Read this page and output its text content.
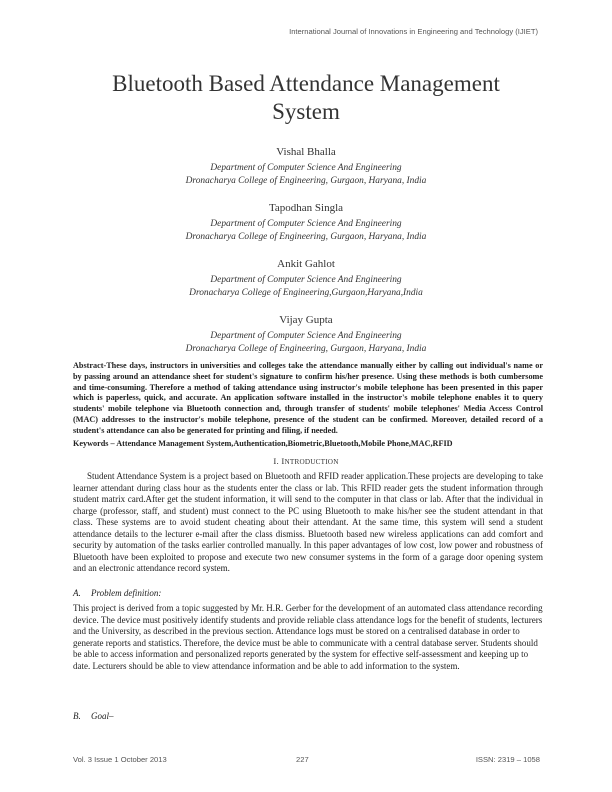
International Journal of Innovations in Engineering and Technology (IJIET)
Bluetooth Based Attendance Management
System
Vishal Bhalla
Department of Computer Science And Engineering
Dronacharya College of Engineering, Gurgaon, Haryana, India
Tapodhan Singla
Department of Computer Science And Engineering
Dronacharya College of Engineering, Gurgaon, Haryana, India
Ankit Gahlot
Department of Computer Science And Engineering
Dronacharya College of Engineering,Gurgaon,Haryana,India
Vijay Gupta
Department of Computer Science And Engineering
Dronacharya College of Engineering, Gurgaon, Haryana, India

Abstract-These days, instructors in universities and colleges take the attendance manually either by calling out individual's name or by passing around an attendance sheet for student's signature to confirm his/her presence. Using these methods is both cumbersome and time-consuming. Therefore a method of taking attendance using instructor's mobile telephone has been presented in this paper which is paperless, quick, and accurate. An application software installed in the instructor's mobile telephone enables it to query students' mobile telephone via Bluetooth connection and, through transfer of students' mobile telephones' Media Access Control (MAC) addresses to the instructor's mobile telephone, presence of the student can be confirmed. Moreover, detailed record of a student's attendance can also be generated for printing and filing, if needed.

Keywords – Attendance Management System,Authentication,Biometric,Bluetooth,Mobile Phone,MAC,RFID

I. INTRODUCTION

Student Attendance System is a project based on Bluetooth and RFID reader application.These projects are developing to take learner attendant during class hour as the students enter the class or lab. This RFID reader gets the student information through student matrix card.After get the student information, it will send to the computer in that class or lab. After that the individual in charge (professor, staff, and student) must connect to the PC using Bluetooth to make his/her see the student attendant in that class. These systems are to avoid student cheating about their attendant. At the same time, this system will send a student attendance details to the lecturer e-mail after the class dismiss. Bluetooth based new wireless applications can add comfort and security by automation of the tasks earlier controlled manually. In this paper advantages of low cost, low power and robustness of Bluetooth have been exploited to propose and execute two new consumer systems in the form of a garage door opening system and an electronic attendance record system.

A. Problem definition:

This project is derived from a topic suggested by Mr. H.R. Gerber for the development of an automated class attendance recording device. The device must positively identify students and provide reliable class attendance logs for the benefit of students, lecturers and the University, as described in the previous section. Attendance logs must be stored on a centralised database in order to generate reports and statistics. Therefore, the device must be able to communicate with a central database server. Students should be able to access information and personalized reports generated by the system for effective self-assessment and keeping up to date. Lecturers should be able to view attendance information and be able to add information to the system.

B. Goal–
Vol. 3 Issue 1 October 2013	227	ISSN: 2319 – 1058
